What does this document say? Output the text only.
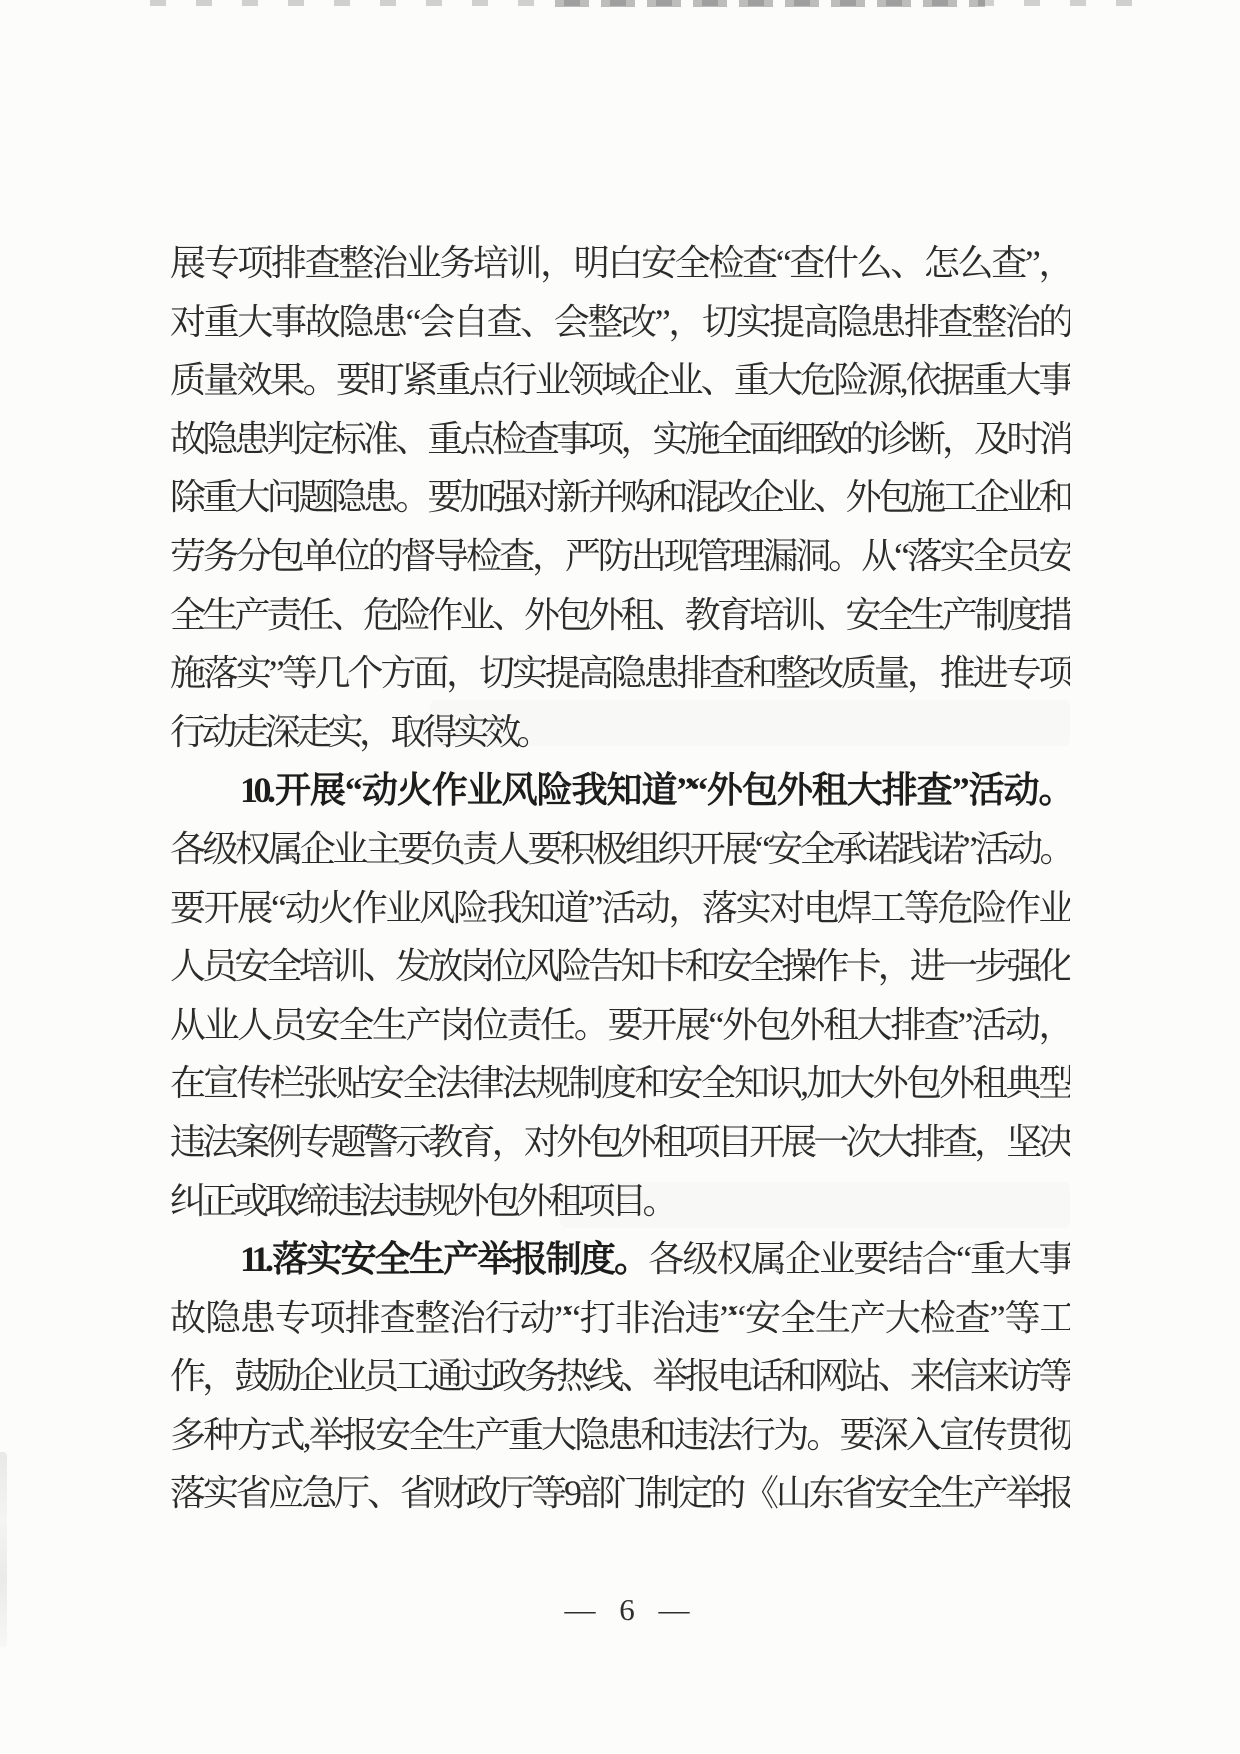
展专项排查整治业务培训，明白安全检查“查什么、怎么查”，
对重大事故隐患“会自查、会整改”，切实提高隐患排查整治的
质量效果。要盯紧重点行业领域企业、重大危险源,依据重大事
故隐患判定标准、重点检查事项，实施全面细致的诊断，及时消
除重大问题隐患。要加强对新并购和混改企业、外包施工企业和
劳务分包单位的督导检查，严防出现管理漏洞。从“落实全员安
全生产责任、危险作业、外包外租、教育培训、安全生产制度措
施落实”等几个方面，切实提高隐患排查和整改质量，推进专项
行动走深走实，取得实效。
10.开展“动火作业风险我知道”“外包外租大排查”活动。
各级权属企业主要负责人要积极组织开展“安全承诺践诺”活动。
要开展“动火作业风险我知道”活动，落实对电焊工等危险作业
人员安全培训、发放岗位风险告知卡和安全操作卡，进一步强化
从业人员安全生产岗位责任。要开展“外包外租大排查”活动，
在宣传栏张贴安全法律法规制度和安全知识,加大外包外租典型
违法案例专题警示教育，对外包外租项目开展一次大排查，坚决
纠正或取缔违法违规外包外租项目。
11.落实安全生产举报制度。各级权属企业要结合“重大事
故隐患专项排查整治行动”“打非治违”“安全生产大检查”等工
作，鼓励企业员工通过政务热线、举报电话和网站、来信来访等
多种方式,举报安全生产重大隐患和违法行为。要深入宣传贯彻
落实省应急厅、省财政厅等9部门制定的《山东省安全生产举报
— 6 —
